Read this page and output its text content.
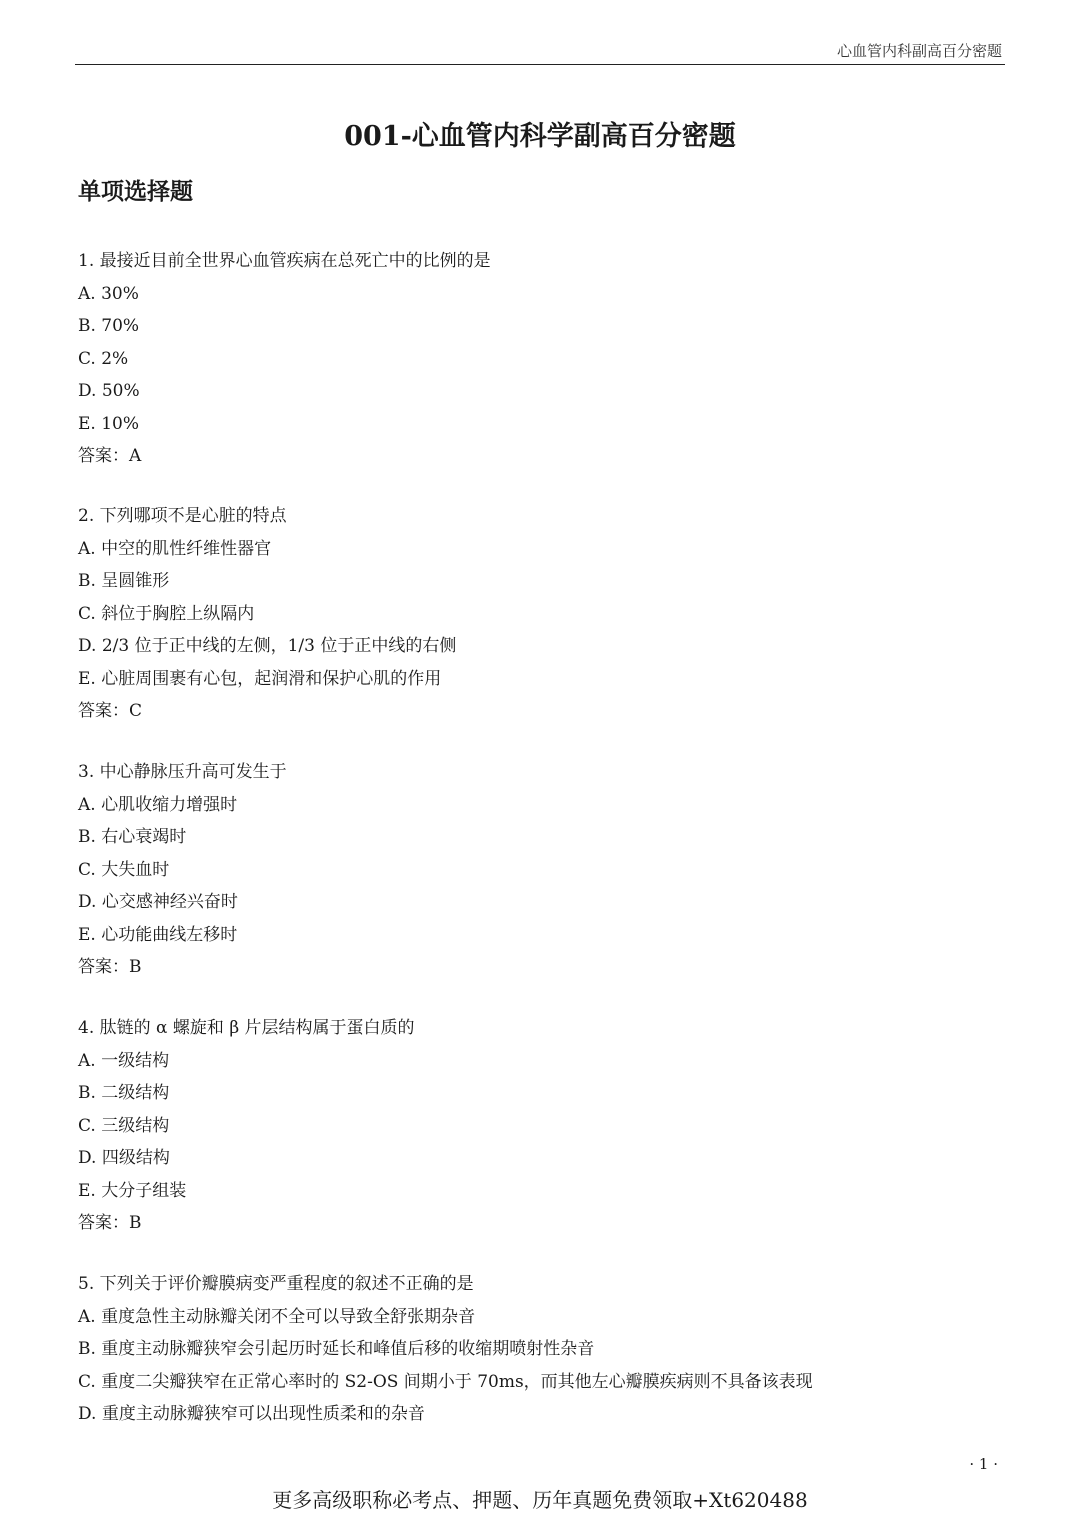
心血管内科副高百分密题
001-心血管内科学副高百分密题
单项选择题
1. 最接近目前全世界心血管疾病在总死亡中的比例的是
A. 30%
B. 70%
C. 2%
D. 50%
E. 10%
答案：A
2. 下列哪项不是心脏的特点
A. 中空的肌性纤维性器官
B. 呈圆锥形
C. 斜位于胸腔上纵隔内
D. 2/3 位于正中线的左侧，1/3 位于正中线的右侧
E. 心脏周围裹有心包，起润滑和保护心肌的作用
答案：C
3. 中心静脉压升高可发生于
A. 心肌收缩力增强时
B. 右心衰竭时
C. 大失血时
D. 心交感神经兴奋时
E. 心功能曲线左移时
答案：B
4. 肽链的 α 螺旋和 β 片层结构属于蛋白质的
A. 一级结构
B. 二级结构
C. 三级结构
D. 四级结构
E. 大分子组装
答案：B
5. 下列关于评价瓣膜病变严重程度的叙述不正确的是
A. 重度急性主动脉瓣关闭不全可以导致全舒张期杂音
B. 重度主动脉瓣狭窄会引起历时延长和峰值后移的收缩期喷射性杂音
C. 重度二尖瓣狭窄在正常心率时的 S2-OS 间期小于 70ms，而其他左心瓣膜疾病则不具备该表现
D. 重度主动脉瓣狭窄可以出现性质柔和的杂音
· 1 ·
更多高级职称必考点、押题、历年真题免费领取+Xt620488
